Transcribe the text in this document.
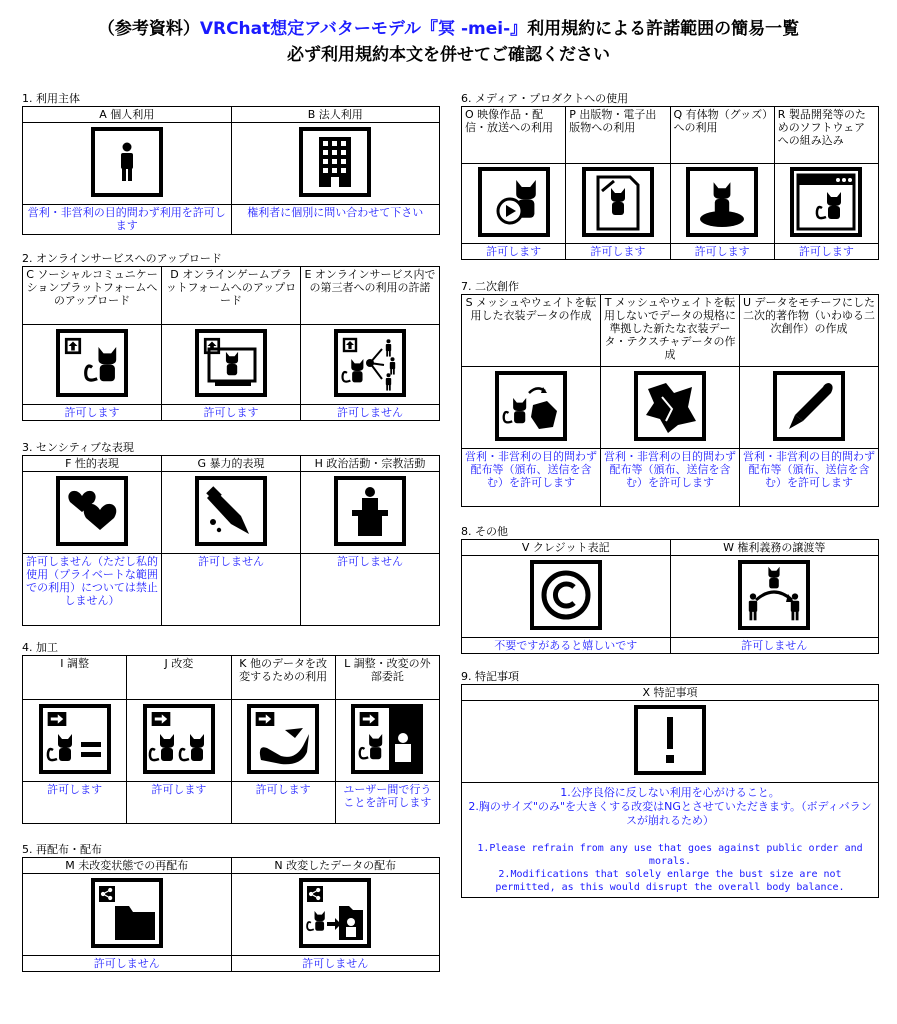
（参考資料）VRChat想定アバターモデル『冥 -mei-』利用規約による許諾範囲の簡易一覧
必ず利用規約本文を併せてご確認ください
1. 利用主体
A 個人利用	B 法人利用

営利・非営利の目的問わず利用を許可します	権利者に個別に問い合わせて下さい
2. オンラインサービスへのアップロード
C ソーシャルコミュニケーションプラットフォームへのアップロード	D オンラインゲームプラットフォームへのアップロード	E オンラインサービス内での第三者への利用の許諾

許可します	許可します	許可しません
3. センシティブな表現
F 性的表現	G 暴力的表現	H 政治活動・宗教活動

許可しません（ただし私的使用（プライベートな範囲での利用）については禁止しません）	許可しません	許可しません
4. 加工
I 調整	J 改変	K 他のデータを改変するための利用	L 調整・改変の外部委託

許可します	許可します	許可します	ユーザー間で行うことを許可します
5. 再配布・配布
M 未改変状態での再配布	N 改変したデータの配布

許可しません	許可しません
6. メディア・プロダクトへの使用
O 映像作品・配信・放送への利用	P 出版物・電子出版物への利用	Q 有体物（グッズ）への利用	R 製品開発等のためのソフトウェアへの組み込み

許可します	許可します	許可します	許可します
7. 二次創作
S メッシュやウェイトを転用した衣装データの作成	T メッシュやウェイトを転用しないでデータの規格に準拠した新たな衣装データ・テクスチャデータの作成	U データをモチーフにした二次的著作物（いわゆる二次創作）の作成

営利・非営利の目的問わず配布等（頒布、送信を含む）を許可します	営利・非営利の目的問わず配布等（頒布、送信を含む）を許可します	営利・非営利の目的問わず配布等（頒布、送信を含む）を許可します
8. その他
V クレジット表記	W 権利義務の譲渡等

不要ですがあると嬉しいです	許可しません
9. 特記事項
X 特記事項

1.公序良俗に反しない利用を心がけること。
2.胸のサイズ"のみ"を大きくする改変はNGとさせていただきます。（ボディバランスが崩れるため）
1.Please refrain from any use that goes against public order and morals.
2.Modifications that solely enlarge the bust size are not permitted, as this would disrupt the overall body balance.
